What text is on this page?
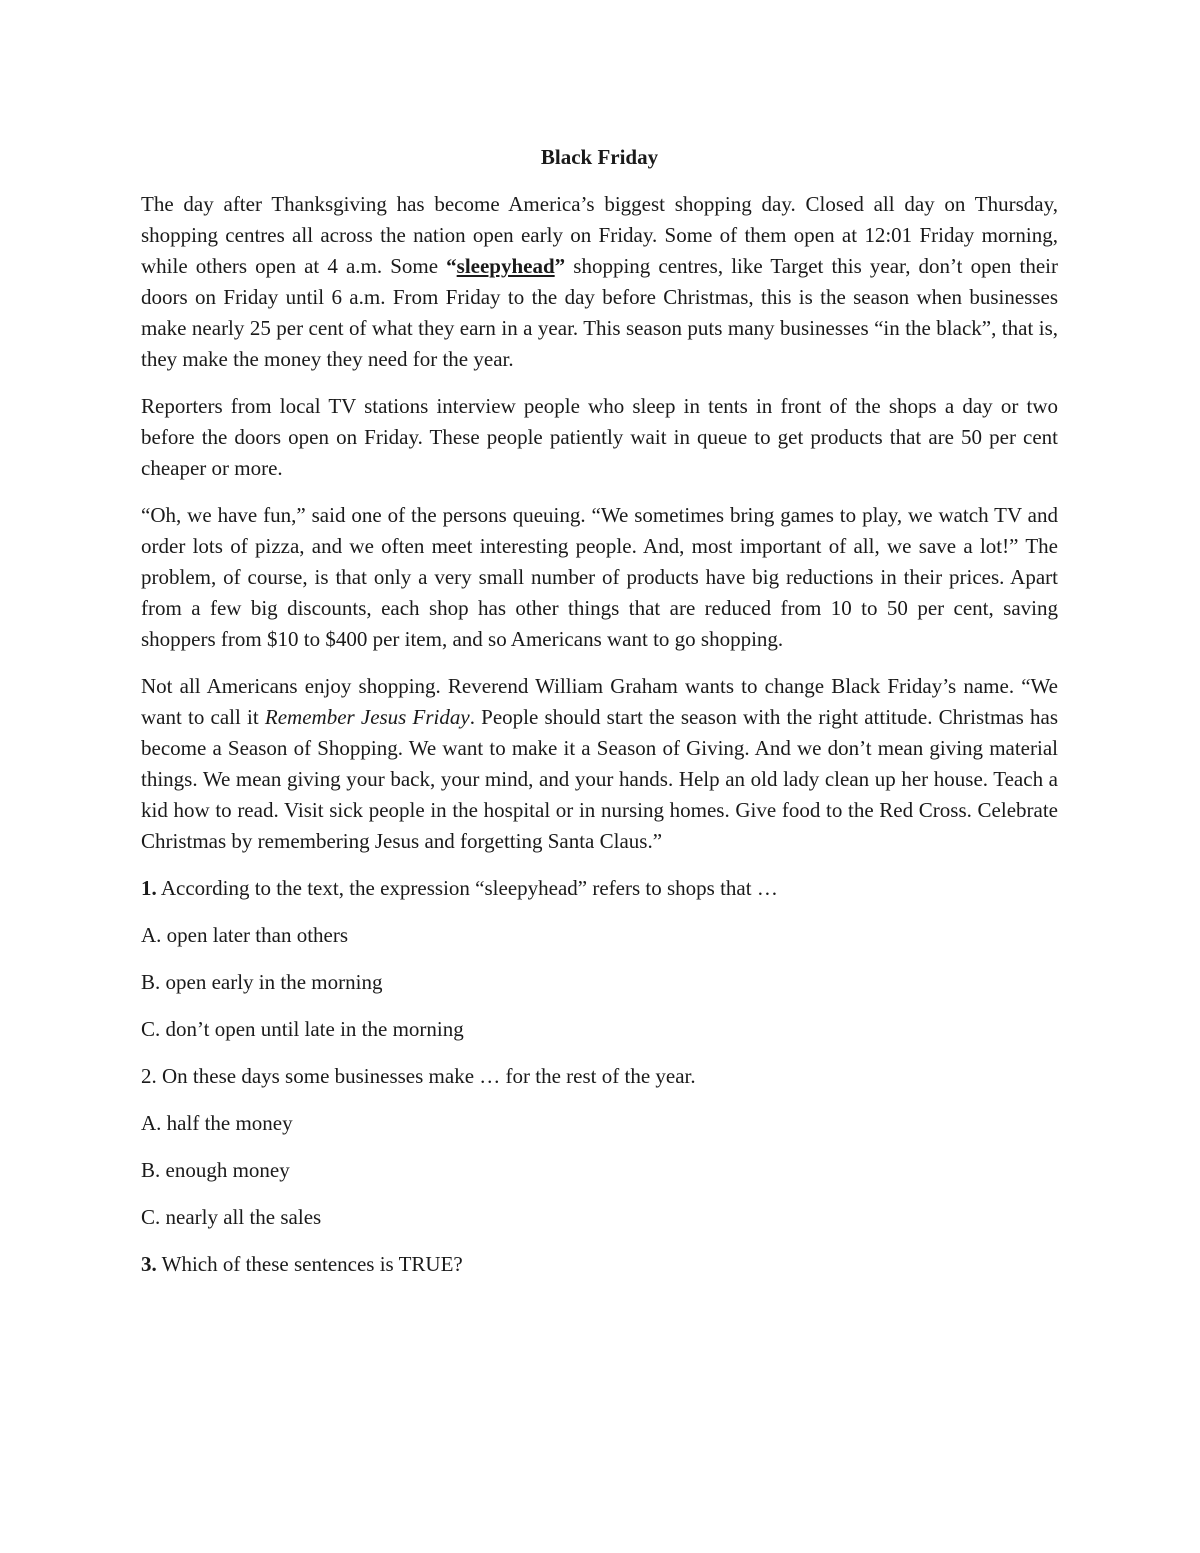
Black Friday

The day after Thanksgiving has become America’s biggest shopping day. Closed all day on Thursday, shopping centres all across the nation open early on Friday. Some of them open at 12:01 Friday morning, while others open at 4 a.m. Some “sleepyhead” shopping centres, like Target this year, don’t open their doors on Friday until 6 a.m. From Friday to the day before Christmas, this is the season when businesses make nearly 25 per cent of what they earn in a year. This season puts many businesses “in the black”, that is, they make the money they need for the year.

Reporters from local TV stations interview people who sleep in tents in front of the shops a day or two before the doors open on Friday. These people patiently wait in queue to get products that are 50 per cent cheaper or more.

“Oh, we have fun,” said one of the persons queuing. “We sometimes bring games to play, we watch TV and order lots of pizza, and we often meet interesting people. And, most important of all, we save a lot!” The problem, of course, is that only a very small number of products have big reductions in their prices. Apart from a few big discounts, each shop has other things that are reduced from 10 to 50 per cent, saving shoppers from $10 to $400 per item, and so Americans want to go shopping.

Not all Americans enjoy shopping. Reverend William Graham wants to change Black Friday’s name. “We want to call it Remember Jesus Friday. People should start the season with the right attitude. Christmas has become a Season of Shopping. We want to make it a Season of Giving. And we don’t mean giving material things. We mean giving your back, your mind, and your hands. Help an old lady clean up her house. Teach a kid how to read. Visit sick people in the hospital or in nursing homes. Give food to the Red Cross. Celebrate Christmas by remembering Jesus and forgetting Santa Claus.”

1. According to the text, the expression “sleepyhead” refers to shops that …

A. open later than others

B. open early in the morning

C. don’t open until late in the morning

2. On these days some businesses make … for the rest of the year.

A. half the money

B. enough money

C. nearly all the sales

3. Which of these sentences is TRUE?
